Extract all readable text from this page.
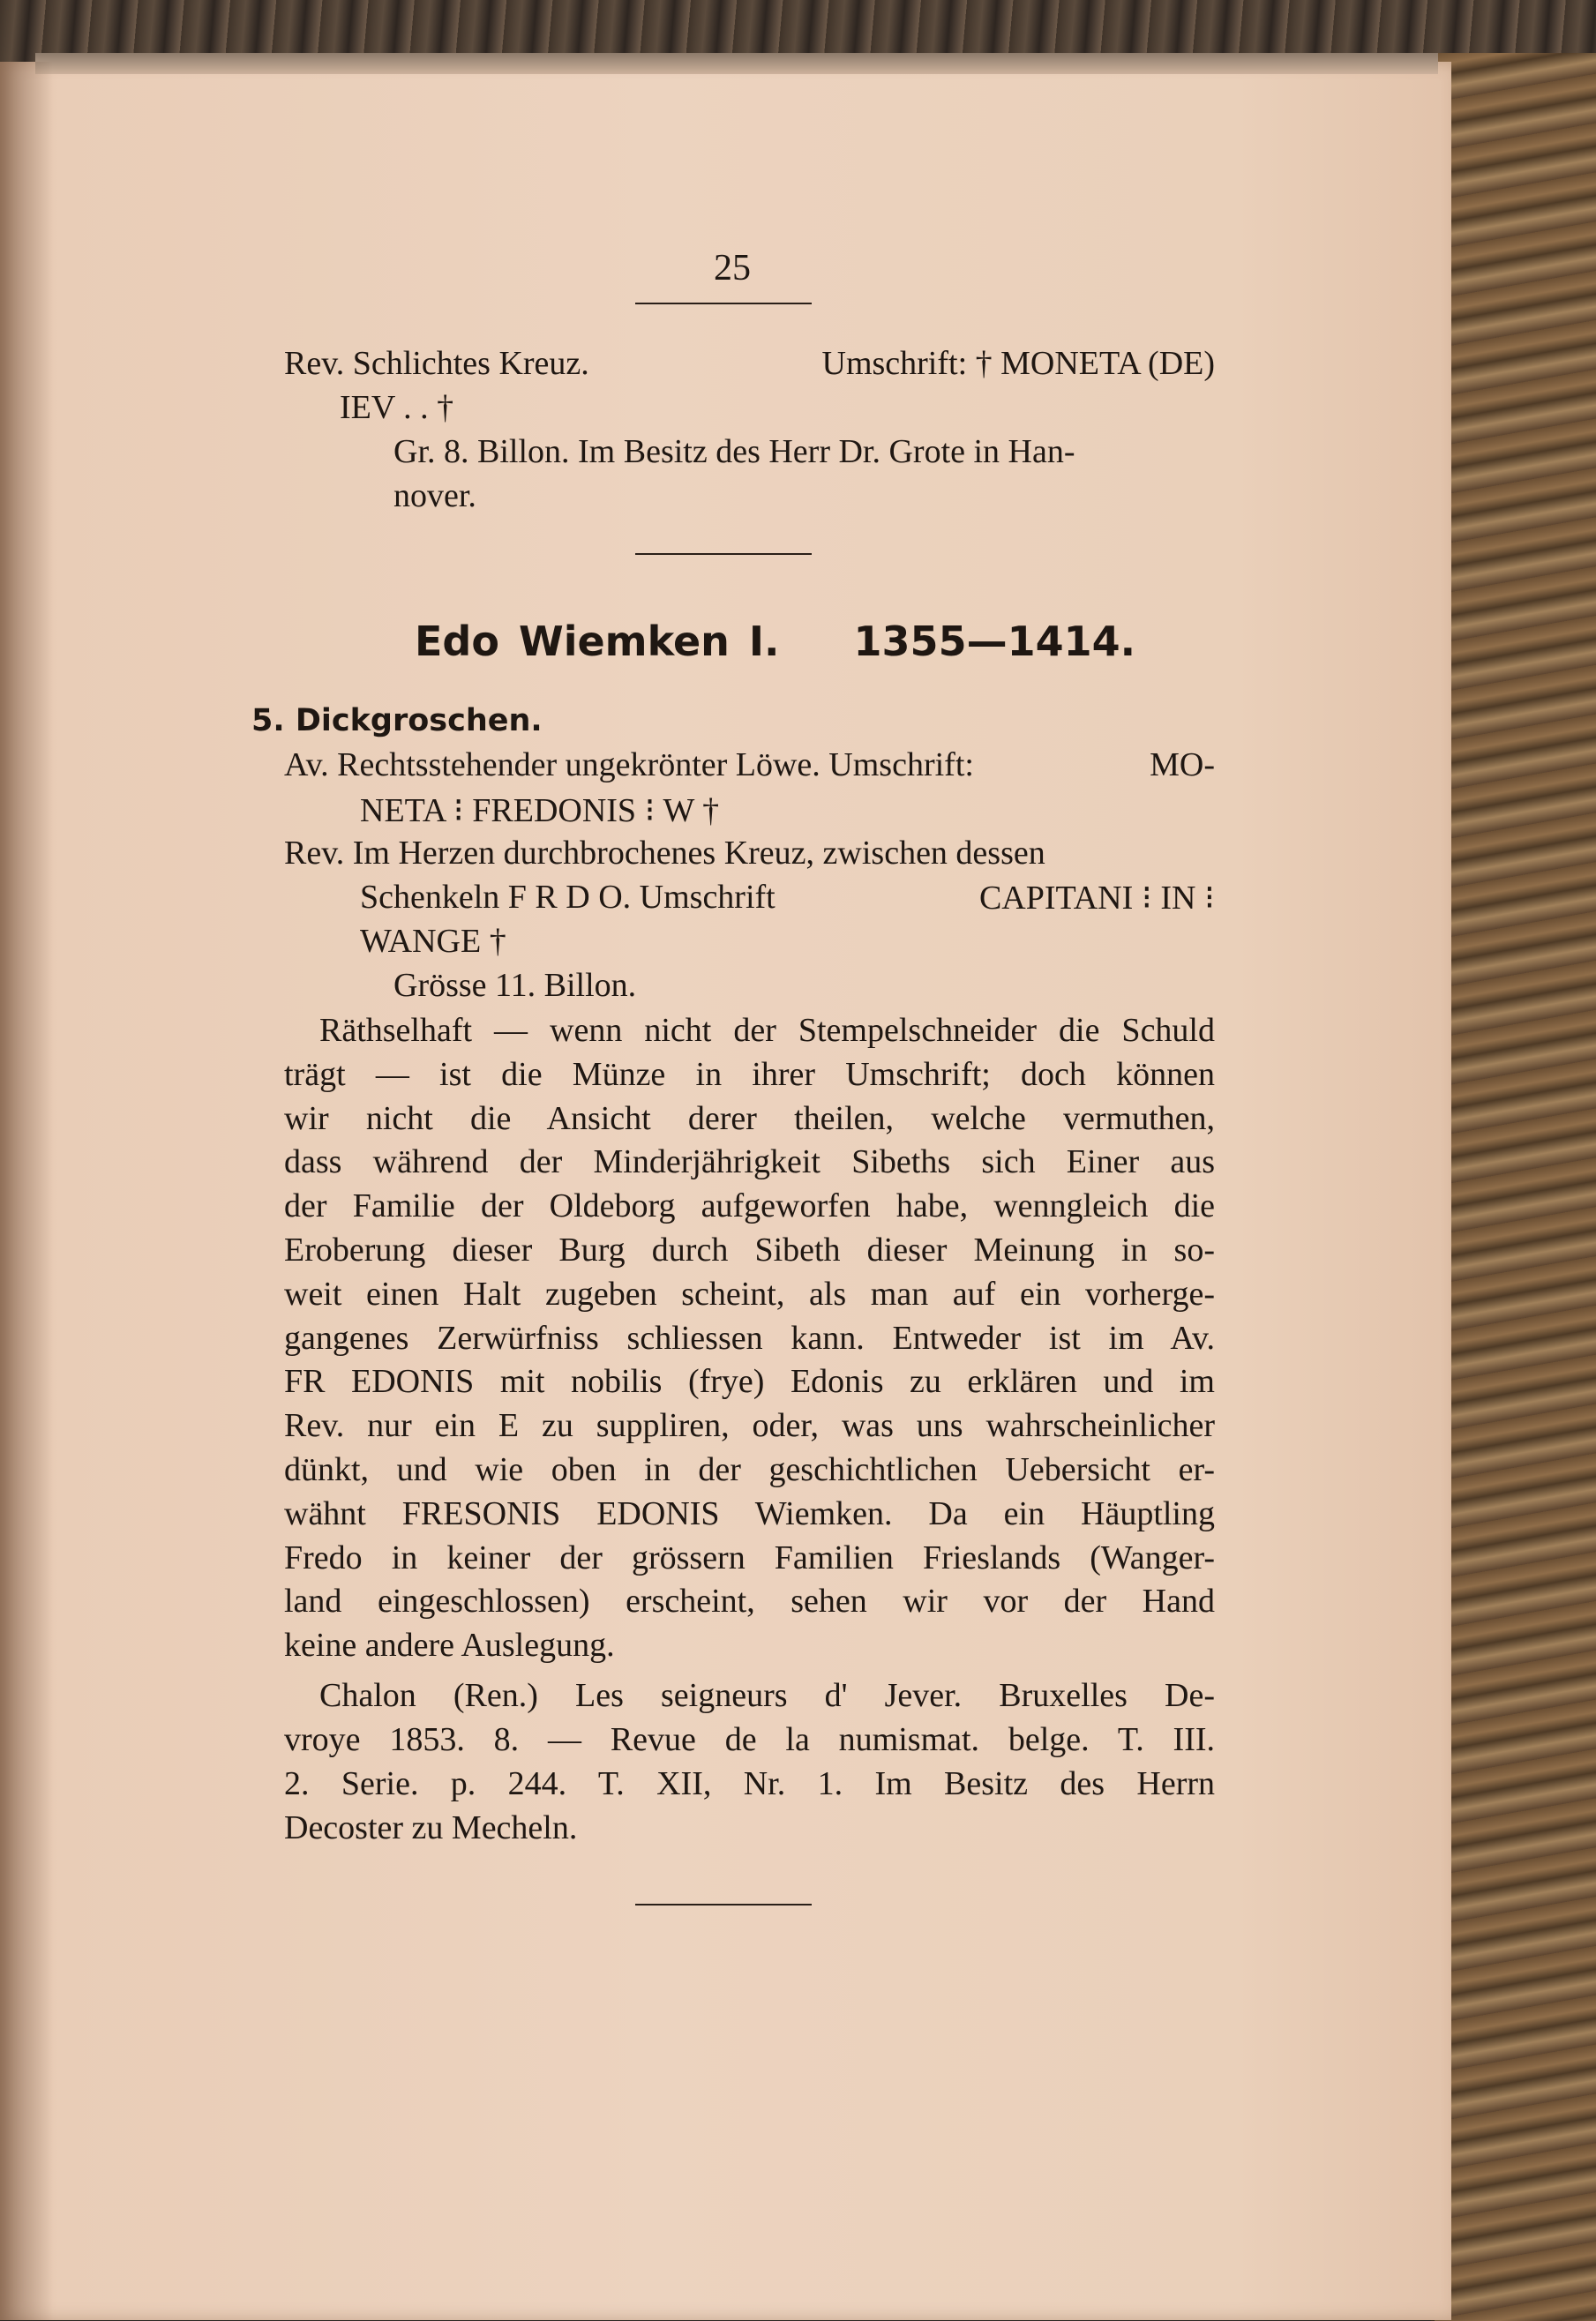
25
Rev. Schlichtes Kreuz.	Umschrift: † MONETA (DE)
IEV . . †
Gr. 8. Billon. Im Besitz des Herr Dr. Grote in Han-
nover.
Edo Wiemken I. 1355—1414.
5. Dickgroschen.
Av. Rechtsstehender ungekrönter Löwe. Umschrift:	MO-
NETA ⁝ FREDONIS ⁝ W †
Rev. Im Herzen durchbrochenes Kreuz, zwischen dessen
Schenkeln F R D O. Umschrift	CAPITANI ⁝ IN ⁝
WANGE †
Grösse 11. Billon.
Räthselhaft — wenn nicht der Stempelschneider die Schuld
trägt — ist die Münze in ihrer Umschrift; doch können
wir nicht die Ansicht derer theilen, welche vermuthen,
dass während der Minderjährigkeit Sibeths sich Einer aus
der Familie der Oldeborg aufgeworfen habe, wenngleich die
Eroberung dieser Burg durch Sibeth dieser Meinung in so-
weit einen Halt zugeben scheint, als man auf ein vorherge-
gangenes Zerwürfniss schliessen kann. Entweder ist im Av.
FR EDONIS mit nobilis (frye) Edonis zu erklären und im
Rev. nur ein E zu suppliren, oder, was uns wahrscheinlicher
dünkt, und wie oben in der geschichtlichen Uebersicht er-
wähnt FRESONIS EDONIS Wiemken. Da ein Häuptling
Fredo in keiner der grössern Familien Frieslands (Wanger-
land eingeschlossen) erscheint, sehen wir vor der Hand
keine andere Auslegung.
Chalon (Ren.) Les seigneurs d' Jever. Bruxelles De-
vroye 1853. 8. — Revue de la numismat. belge. T. III.
2. Serie. p. 244. T. XII, Nr. 1. Im Besitz des Herrn
Decoster zu Mecheln.
